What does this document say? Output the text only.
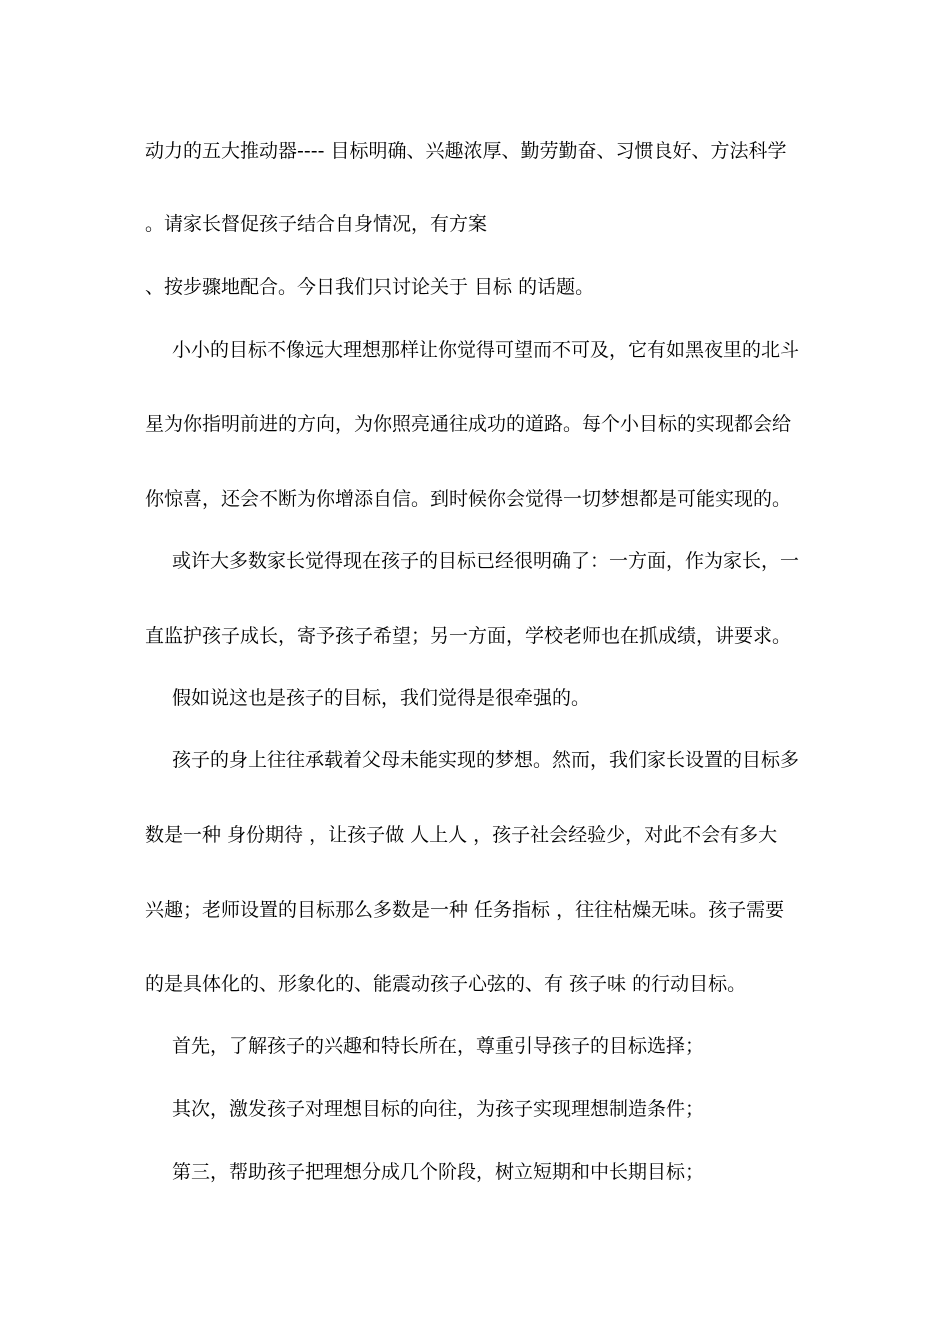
动力的五大推动器---- 目标明确、兴趣浓厚、勤劳勤奋、习惯良好、方法科学
。请家长督促孩子结合自身情况，有方案
、按步骤地配合。今日我们只讨论关于 目标 的话题。
小小的目标不像远大理想那样让你觉得可望而不可及，它有如黑夜里的北斗
星为你指明前进的方向，为你照亮通往成功的道路。每个小目标的实现都会给
你惊喜，还会不断为你增添自信。到时候你会觉得一切梦想都是可能实现的。
或许大多数家长觉得现在孩子的目标已经很明确了：一方面，作为家长，一
直监护孩子成长，寄予孩子希望；另一方面，学校老师也在抓成绩，讲要求。
假如说这也是孩子的目标，我们觉得是很牵强的。
孩子的身上往往承载着父母未能实现的梦想。然而，我们家长设置的目标多
数是一种 身份期待 ，让孩子做 人上人 ，孩子社会经验少，对此不会有多大
兴趣；老师设置的目标那么多数是一种 任务指标 ，往往枯燥无味。孩子需要
的是具体化的、形象化的、能震动孩子心弦的、有 孩子味 的行动目标。
首先，了解孩子的兴趣和特长所在，尊重引导孩子的目标选择；
其次，激发孩子对理想目标的向往，为孩子实现理想制造条件；
第三，帮助孩子把理想分成几个阶段，树立短期和中长期目标；
